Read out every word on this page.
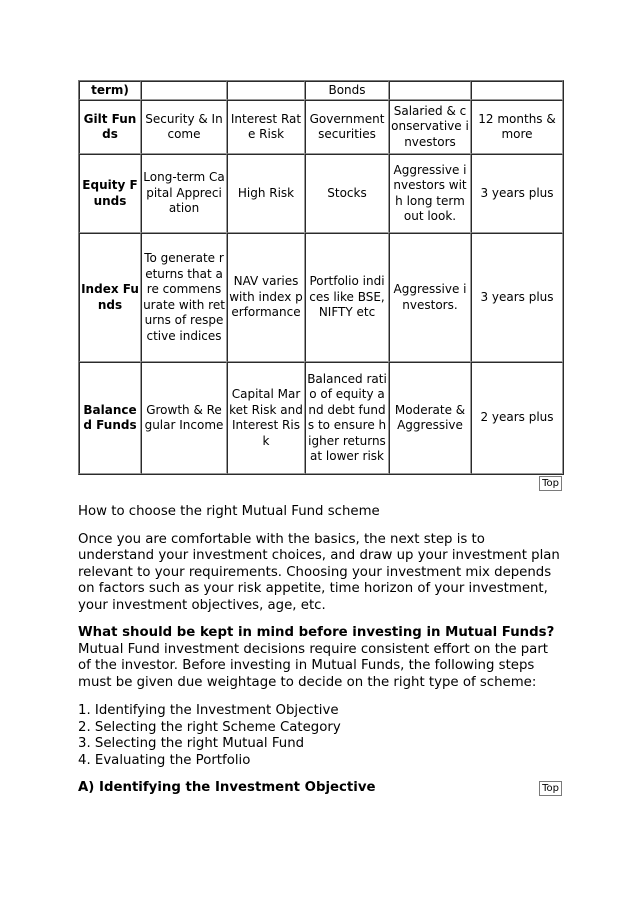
term)			Bonds		
Gilt Funds	Security & Income	Interest Rate Risk	Government securities	Salaried & conservative investors	12 months & more
Equity Funds	Long-term Capital Appreciation	High Risk	Stocks	Aggressive investors with long term out look.	3 years plus
Index Funds	To generate returns that are commensurate with returns of respective indices	NAV varies with index performance	Portfolio indices like BSE, NIFTY etc	Aggressive investors.	3 years plus
Balanced Funds	Growth & Regular Income	Capital Market Risk and Interest Risk	Balanced ratio of equity and debt funds to ensure higher returns at lower risk	Moderate & Aggressive	2 years plus
Top

How to choose the right Mutual Fund scheme

Once you are comfortable with the basics, the next step is to understand your investment choices, and draw up your investment plan relevant to your requirements. Choosing your investment mix depends on factors such as your risk appetite, time horizon of your investment, your investment objectives, age, etc.

What should be kept in mind before investing in Mutual Funds?

Mutual Fund investment decisions require consistent effort on the part of the investor. Before investing in Mutual Funds, the following steps must be given due weightage to decide on the right type of scheme:

1. Identifying the Investment Objective
2. Selecting the right Scheme Category
3. Selecting the right Mutual Fund
4. Evaluating the Portfolio

A) Identifying the Investment Objective	Top
